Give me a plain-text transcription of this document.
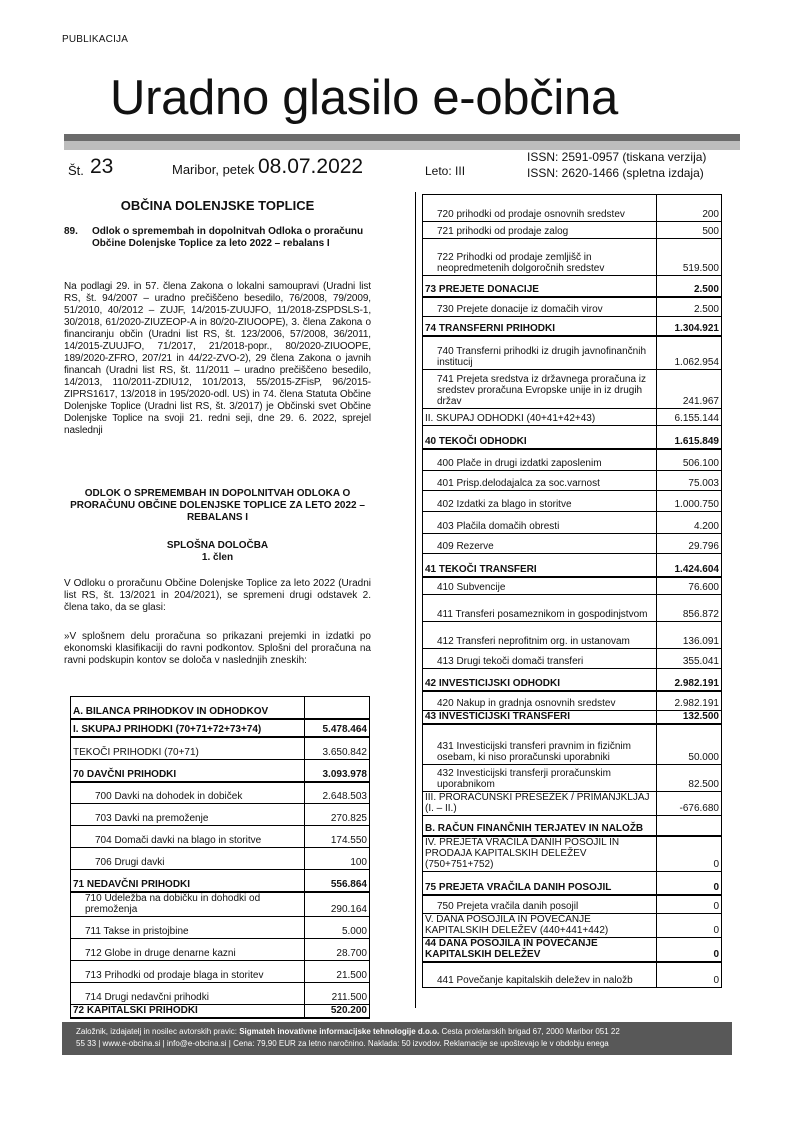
PUBLIKACIJA
Uradno glasilo e-občina
Št. 23	Maribor, petek 08.07.2022	Leto: III
ISSN: 2591-0957 (tiskana verzija)
ISSN: 2620-1466 (spletna izdaja)
OBČINA DOLENJSKE TOPLICE
89. Odlok o spremembah in dopolnitvah Odloka o proračunu Občine Dolenjske Toplice za leto 2022 – rebalans I
Na podlagi 29. in 57. člena Zakona o lokalni samoupravi (Uradni list RS, št. 94/2007 – uradno prečiščeno besedilo, 76/2008, 79/2009, 51/2010, 40/2012 – ZUJF, 14/2015-ZUUJFO, 11/2018-ZSPDSLS-1, 30/2018, 61/2020-ZIUZEOP-A in 80/20-ZIUOOPE), 3. člena Zakona o financiranju občin (Uradni list RS, št. 123/2006, 57/2008, 36/2011, 14/2015-ZUUJFO, 71/2017, 21/2018-popr., 80/2020-ZIUOOPE, 189/2020-ZFRO, 207/21 in 44/22-ZVO-2), 29 člena Zakona o javnih financah (Uradni list RS, št. 11/2011 – uradno prečiščeno besedilo, 14/2013, 110/2011-ZDIU12, 101/2013, 55/2015-ZFisP, 96/2015-ZIPRS1617, 13/2018 in 195/2020-odl. US) in 74. člena Statuta Občine Dolenjske Toplice (Uradni list RS, št. 3/2017) je Občinski svet Občine Dolenjske Toplice na svoji 21. redni seji, dne 29. 6. 2022, sprejel naslednji
ODLOK O SPREMEMBAH IN DOPOLNITVAH ODLOKA O PRORAČUNU OBČINE DOLENJSKE TOPLICE ZA LETO 2022 – REBALANS I
SPLOŠNA DOLOČBA
1. člen
V Odloku o proračunu Občine Dolenjske Toplice za leto 2022 (Uradni list RS, št. 13/2021 in 204/2021), se spremeni drugi odstavek 2. člena tako, da se glasi:
»V splošnem delu proračuna so prikazani prejemki in izdatki po ekonomski klasifikaciji do ravni podkontov. Splošni del proračuna na ravni podskupin kontov se določa v naslednjih zneskih:
A. BILANCA PRIHODKOV IN ODHODKOV	
I. SKUPAJ PRIHODKI (70+71+72+73+74)	5.478.464
TEKOČI PRIHODKI (70+71)	3.650.842
70 DAVČNI PRIHODKI	3.093.978
700 Davki na dohodek in dobiček	2.648.503
703 Davki na premoženje	270.825
704 Domači davki na blago in storitve	174.550
706 Drugi davki	100
71 NEDAVČNI PRIHODKI	556.864
710 Udeležba na dobičku in dohodki od premoženja	290.164
711 Takse in pristojbine	5.000
712 Globe in druge denarne kazni	28.700
713 Prihodki od prodaje blaga in storitev	21.500
714 Drugi nedavčni prihodki	211.500
72 KAPITALSKI PRIHODKI	520.200
720 prihodki od prodaje osnovnih sredstev	200
721 prihodki od prodaje zalog	500
722 Prihodki od prodaje zemljišč in neopredmetenih dolgoročnih sredstev	519.500
73 PREJETE DONACIJE	2.500
730 Prejete donacije iz domačih virov	2.500
74 TRANSFERNI PRIHODKI	1.304.921
740 Transferni prihodki iz drugih javnofinančnih institucij	1.062.954
741 Prejeta sredstva iz državnega proračuna iz sredstev proračuna Evropske unije in iz drugih držav	241.967
II. SKUPAJ ODHODKI (40+41+42+43)	6.155.144
40 TEKOČI ODHODKI	1.615.849
400 Plače in drugi izdatki zaposlenim	506.100
401 Prisp.delodajalca za soc.varnost	75.003
402 Izdatki za blago in storitve	1.000.750
403 Plačila domačih obresti	4.200
409 Rezerve	29.796
41 TEKOČI TRANSFERI	1.424.604
410 Subvencije	76.600
411 Transferi posameznikom in gospodinjstvom	856.872
412 Transferi neprofitnim org. in ustanovam	136.091
413 Drugi tekoči domači transferi	355.041
42 INVESTICIJSKI ODHODKI	2.982.191
420 Nakup in gradnja osnovnih sredstev	2.982.191
43 INVESTICIJSKI TRANSFERI	132.500
431 Investicijski transferi pravnim in fizičnim osebam, ki niso proračunski uporabniki	50.000
432 Investicijski transferji proračunskim uporabnikom	82.500
III. PRORAČUNSKI PRESEŽEK / PRIMANJKLJAJ (I. – II.)	-676.680
B. RAČUN FINANČNIH TERJATEV IN NALOŽB	
IV. PREJETA VRAČILA DANIH POSOJIL IN PRODAJA KAPITALSKIH DELEŽEV (750+751+752)	0
75 PREJETA VRAČILA DANIH POSOJIL	0
750 Prejeta vračila danih posojil	0
V. DANA POSOJILA IN POVEČANJE KAPITALSKIH DELEŽEV (440+441+442)	0
44 DANA POSOJILA IN POVEČANJE KAPITALSKIH DELEŽEV	0
441 Povečanje kapitalskih deležev in naložb	0
Založnik, izdajatelj in nosilec avtorskih pravic: Sigmateh inovativne informacijske tehnologije d.o.o. Cesta proletarskih brigad 67, 2000 Maribor 051 22
55 33 | www.e-obcina.si | info@e-obcina.si | Cena: 79,90 EUR za letno naročnino. Naklada: 50 izvodov. Reklamacije se upoštevajo le v obdobju enega
